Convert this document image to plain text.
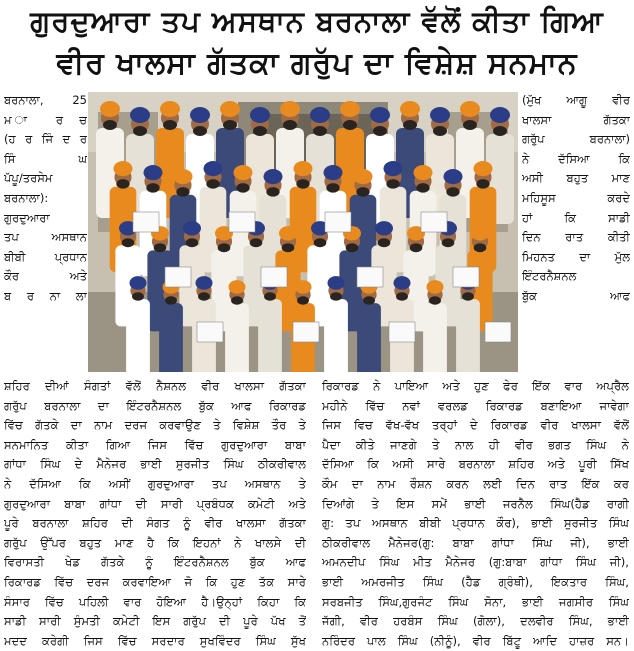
ਗੁਰਦੁਆਰਾ ਤਪ ਅਸਥਾਨ ਬਰਨਾਲਾ ਵੱਲੋਂ ਕੀਤਾ ਗਿਆ
ਵੀਰ ਖਾਲਸਾ ਗੱਤਕਾ ਗਰੁੱਪ ਦਾ ਵਿਸ਼ੇਸ਼ ਸਨਮਾਨ
ਬਰਨਾਲਾ, 25
ਮ ਾ ਰ ਚ
(ਹ ਰ ਜਿੰ ਦ ਰ
ਸਿੰ ਘ
ਪੱਪੂ/ਤਰਸੇਮ
ਬਰਨਾਲਾ):
ਗੁਰਦੁਆਰਾ
ਤਪ ਅਸਥਾਨ
ਬੀਬੀ ਪ੍ਰਧਾਨ
ਕੌਰ ਅਤੇ
ਬ ਰ ਨਾ ਲਾ
(ਮੁੱਖ ਆਗੂ ਵੀਰ
ਖਾਲਸਾ ਗੱਤਕਾ
ਗਰੁੱਪ ਬਰਨਾਲਾ)
ਨੇ ਦੱਸਿਆ ਕਿ
ਅਸੀ ਬਹੁਤ ਮਾਣ
ਮਹਿਸੂਸ ਕਰਦੇ
ਹਾਂ ਕਿ ਸਾਡੀ
ਦਿਨ ਰਾਤ ਕੀਤੀ
ਮਿਹਨਤ ਦਾ ਮੁੱਲ
ਇੰਟਰਨੈਸ਼ਨਲ
ਬੁੱਕ ਆਫ
ਸ਼ਹਿਰ ਦੀਆਂ ਸੰਗਤਾਂ ਵੱਲੋਂ ਨੈਸ਼ਨਲ ਵੀਰ ਖਾਲਸਾ ਗੱਤਕਾ
ਗਰੁੱਪ ਬਰਨਾਲਾ ਦਾ ਇੰਟਰਨੈਸ਼ਨਲ ਬੁੱਕ ਆਫ ਰਿਕਾਰਡ
ਵਿੱਚ ਗੱਤਕੇ ਦਾ ਨਾਮ ਦਰਜ ਕਰਵਾਉਣ ਤੇ ਵਿਸ਼ੇਸ਼ ਤੌਰ ਤੇ
ਸਨਮਾਨਿਤ ਕੀਤਾ ਗਿਆ ਜਿਸ ਵਿੱਚ ਗੁਰਦੁਆਰਾ ਬਾਬਾ
ਗਾਂਧਾ ਸਿੰਘ ਦੇ ਮੈਨੇਜਰ ਭਾਈ ਸੁਰਜੀਤ ਸਿੰਘ ਠੀਕਰੀਵਾਲ
ਨੇ ਦੱਸਿਆ ਕਿ ਅਸੀਂ ਗੁਰਦੁਆਰਾ ਤਪ ਅਸਥਾਨ ਤੇ
ਗੁਰਦੁਆਰਾ ਬਾਬਾ ਗਾਂਧਾ ਦੀ ਸਾਰੀ ਪ੍ਰਬੰਧਕ ਕਮੇਟੀ ਅਤੇ
ਪੂਰੇ ਬਰਨਾਲਾ ਸ਼ਹਿਰ ਦੀ ਸੰਗਤ ਨੂੰ ਵੀਰ ਖਾਲਸਾ ਗੱਤਕਾ
ਗਰੁੱਪ ਉੱਪਰ ਬਹੁਤ ਮਾਣ ਹੈ ਕਿ ਇਹਨਾਂ ਨੇ ਖਾਲਸੇ ਦੀ
ਵਿਰਾਸਤੀ ਖੇਡ ਗੱਤਕੇ ਨੂੰ ਇੰਟਰਨੈਸ਼ਨਲ ਬੁੱਕ ਆਫ
ਰਿਕਾਰਡ ਵਿੱਚ ਦਰਜ ਕਰਵਾਇਆ ਜੋ ਕਿ ਹੁਣ ਤੱਕ ਸਾਰੇ
ਸੰਸਾਰ ਵਿੱਚ ਪਹਿਲੀ ਵਾਰ ਹੋਇਆ ਹੈ।ਉਨ੍ਹਾਂ ਕਿਹਾ ਕਿ
ਸਾਡੀ ਸਾਰੀ ਸੁੰਮਤੀ ਕਮੇਟੀ ਇਸ ਗਰੁੱਪ ਦੀ ਪੂਰੇ ਪੱਖ ਤੋਂ
ਮਦਦ ਕਰੇਗੀ ਜਿਸ ਵਿੱਚ ਸਰਦਾਰ ਸੁਖਵਿੰਦਰ ਸਿੰਘ ਸੁੱਖ
ਰਿਕਾਰਡ ਨੇ ਪਾਇਆ ਅਤੇ ਹੁਣ ਫੇਰ ਇੱਕ ਵਾਰ ਅਪ੍ਰੈਲ
ਮਹੀਨੇ ਵਿੱਚ ਨਵਾਂ ਵਰਲਡ ਰਿਕਾਰਡ ਬਣਾਇਆ ਜਾਵੇਗਾ
ਜਿਸ ਵਿਚ ਵੱਖ-ਵੱਖ ਤਰ੍ਹਾਂ ਦੇ ਰਿਕਾਰਡ ਵੀਰ ਖਾਲਸਾ ਵੱਲੋਂ
ਪੈਦਾ ਕੀਤੇ ਜਾਣਗੇ ਤੇ ਨਾਲ ਹੀ ਵੀਰ ਭਗਤ ਸਿੰਘ ਨੇ
ਦੱਸਿਆ ਕਿ ਅਸੀ ਸਾਰੇ ਬਰਨਾਲਾ ਸ਼ਹਿਰ ਅਤੇ ਪੂਰੀ ਸਿੱਖ
ਕੌਮ ਦਾ ਨਾਮ ਰੌਸ਼ਨ ਕਰਨ ਲਈ ਦਿਨ ਰਾਤ ਇੱਕ ਕਰ
ਦਿਆਂਗੇ ਤੇ ਇਸ ਸਮੇਂ ਭਾਈ ਜਰਨੈਲ ਸਿੰਘ(ਹੈਡ ਰਾਗੀ
ਗੁ: ਤਪ ਅਸਥਾਨ ਬੀਬੀ ਪ੍ਰਧਾਨ ਕੌਰ), ਭਾਈ ਸੁਰਜੀਤ ਸਿੰਘ
ਠੀਕਰੀਵਾਲ ਮੈਨੇਜਰ(ਗੁ: ਬਾਬਾ ਗਾਂਧਾ ਸਿੰਘ ਜੀ), ਭਾਈ
ਅਮਨਦੀਪ ਸਿੰਘ ਮੀਤ ਮੈਨੇਜਰ (ਗੁ:ਬਾਬਾ ਗਾਂਧਾ ਸਿੰਘ ਜੀ),
ਭਾਈ ਅਮਰਜੀਤ ਸਿੰਘ (ਹੈਡ ਗ੍ਰੰਥੀ), ਇਕਤਾਰ ਸਿੰਘ,
ਸਰਬਜੀਤ ਸਿੰਘ,ਗੁਰਜੰਟ ਸਿੰਘ ਸੋਨਾ, ਭਾਈ ਜਗਸੀਰ ਸਿੰਘ
ਜੱਗੀ, ਵੀਰ ਹਰਬੰਸ ਸਿੰਘ (ਗੋਲਾ), ਦਲਵੀਰ ਸਿੰਘ, ਭਾਈ
ਨਰਿੰਦਰ ਪਾਲ ਸਿੰਘ (ਨੀਨੂੰ), ਵੀਰ ਬਿੱਟੂ ਆਦਿ ਹਾਜ਼ਰ ਸਨ।
